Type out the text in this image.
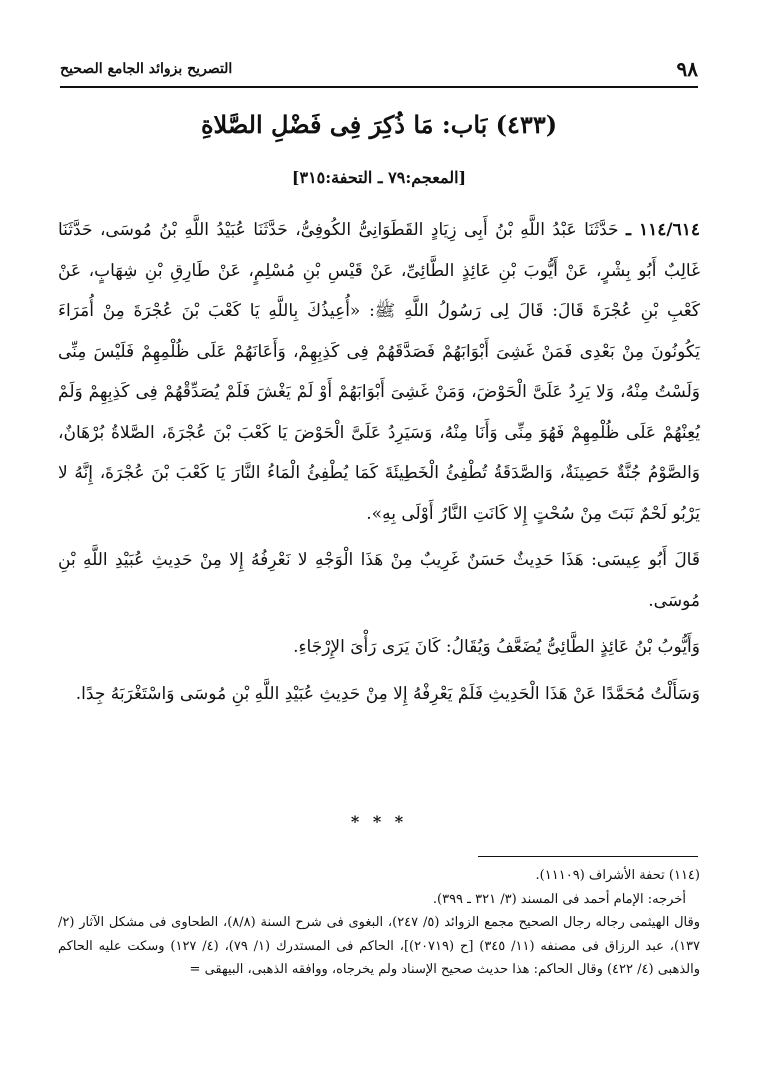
٩٨
التصريح بزوائد الجامع الصحيح
(٤٣٣) بَاب: مَا ذُكِرَ فِى فَضْلِ الصَّلاةِ
[المعجم:٧٩ ـ التحفة:٣١٥]

١١٤/٦١٤ ـ حَدَّثَنَا عَبْدُ اللَّهِ بْنُ أَبِى زِيَادٍ القَطَوَانِىُّ الكُوفِىُّ، حَدَّثَنَا عُبَيْدُ اللَّهِ بْنُ مُوسَى، حَدَّثَنَا غَالِبٌ أَبُو بِشْرٍ، عَنْ أَيُّوبَ بْنِ عَائِذٍ الطَّائِىِّ، عَنْ قَيْسِ بْنِ مُسْلِمٍ، عَنْ طَارِقِ بْنِ شِهَابٍ، عَنْ كَعْبِ بْنِ عُجْرَةَ قَالَ: قَالَ لِى رَسُولُ اللَّهِ ﷺ: «أُعِيذُكَ بِاللَّهِ يَا كَعْبَ بْنَ عُجْرَةَ مِنْ أُمَرَاءَ يَكُونُونَ مِنْ بَعْدِى فَمَنْ غَشِىَ أَبْوَابَهُمْ فَصَدَّقَهُمْ فِى كَذِبِهِمْ، وَأَعَانَهُمْ عَلَى ظُلْمِهِمْ فَلَيْسَ مِنِّى وَلَسْتُ مِنْهُ، وَلا يَرِدُ عَلَىَّ الْحَوْضَ، وَمَنْ غَشِىَ أَبْوَابَهُمْ أَوْ لَمْ يَغْشَ فَلَمْ يُصَدِّقْهُمْ فِى كَذِبِهِمْ وَلَمْ يُعِنْهُمْ عَلَى ظُلْمِهِمْ فَهُوَ مِنِّى وَأَنَا مِنْهُ، وَسَيَرِدُ عَلَىَّ الْحَوْضَ يَا كَعْبَ بْنَ عُجْرَةَ، الصَّلاةُ بُرْهَانٌ، وَالصَّوْمُ جُنَّةٌ حَصِينَةٌ، وَالصَّدَقَةُ تُطْفِئُ الْخَطِيئَةَ كَمَا يُطْفِئُ الْمَاءُ النَّارَ يَا كَعْبَ بْنَ عُجْرَةَ، إِنَّهُ لا يَرْبُو لَحْمٌ نَبَتَ مِنْ سُحْتٍ إِلا كَانَتِ النَّارُ أَوْلَى بِهِ».

قَالَ أَبُو عِيسَى: هَذَا حَدِيثٌ حَسَنٌ غَرِيبٌ مِنْ هَذَا الْوَجْهِ لا نَعْرِفُهُ إِلا مِنْ حَدِيثِ عُبَيْدِ اللَّهِ بْنِ مُوسَى.

وَأَيُّوبُ بْنُ عَائِذٍ الطَّائِىُّ يُضَعَّفُ وَيُقَالُ: كَانَ يَرَى رَأْىَ الإِرْجَاءِ.

وَسَأَلْتُ مُحَمَّدًا عَنْ هَذَا الْحَدِيثِ فَلَمْ يَعْرِفْهُ إِلا مِنْ حَدِيثِ عُبَيْدِ اللَّهِ بْنِ مُوسَى وَاسْتَغْرَبَهُ جِدًا.

* * *

(١١٤) تحفة الأشراف (١١١٠٩).

أخرجه: الإمام أحمد فى المسند (٣/ ٣٢١ ـ ٣٩٩).

وقال الهيثمى رجاله رجال الصحيح مجمع الزوائد (٥/ ٢٤٧)، البغوى فى شرح السنة (٨/٨)، الطحاوى فى مشكل الآثار (٢/ ١٣٧)، عبد الرزاق فى مصنفه (١١/ ٣٤٥) [ح (٢٠٧١٩)]، الحاكم فى المستدرك (١/ ٧٩)، (٤/ ١٢٧) وسكت عليه الحاكم والذهبى (٤/ ٤٢٢) وقال الحاكم: هذا حديث صحيح الإسناد ولم يخرجاه، ووافقه الذهبى، البيهقى =
